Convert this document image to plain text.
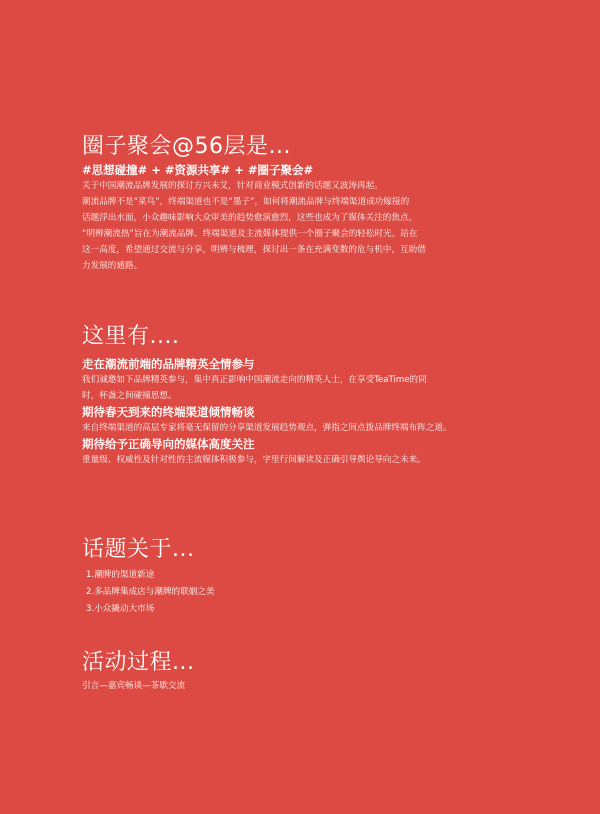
圈子聚会@56层是...
#思想碰撞# + #资源共享# + #圈子聚会#
关于中国潮流品牌发展的探讨方兴未艾，针对商业模式创新的话题又波涛再起。
潮流品牌不是“菜鸟”，终端渠道也不是“墨子”，如何将潮流品牌与终端渠道成功嫁接的
话题浮出水面，小众趣味影响大众审美的趋势愈演愈烈，这些也成为了媒体关注的焦点。
“明辨潮流热”旨在为潮流品牌、终端渠道及主流媒体提供一个圈子聚会的轻松时光。站在
这一高度，希望通过交流与分享，明辨与梳理，探讨出一条在充满变数的危与机中，互助借
力发展的通路。
这里有....
走在潮流前端的品牌精英全情参与
我们诚邀如下品牌精英参与，集中真正影响中国潮流走向的精英人士，在享受TeaTime的同
时，杯盏之间碰撞思想。
期待春天到来的终端渠道倾情畅谈
来自终端渠道的高层专家将毫无保留的分享渠道发展趋势观点，弹指之间点拨品牌终端布阵之道。
期待给予正确导向的媒体高度关注
重量级、权威性及针对性的主流媒体积极参与，字里行间解读及正确引导舆论导向之未来。
话题关于...
1.潮牌的渠道新途
2.多品牌集成店与潮牌的联姻之美
3.小众撬动大市场
活动过程...
引言—嘉宾畅谈—茶歇交流
